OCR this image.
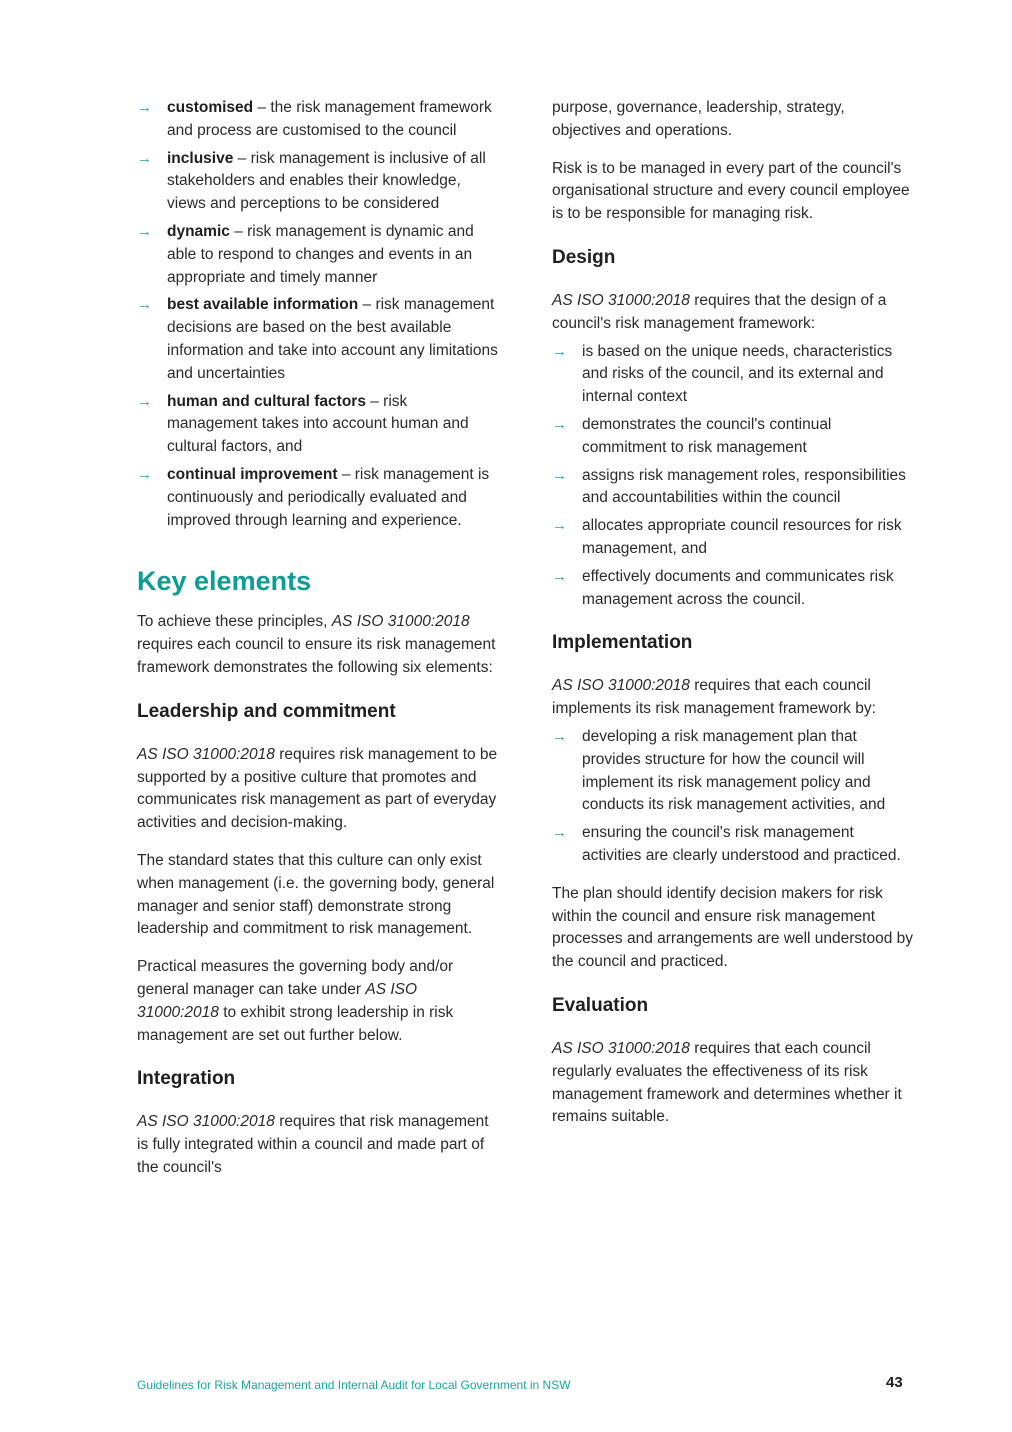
→ customised – the risk management framework and process are customised to the council
→ inclusive – risk management is inclusive of all stakeholders and enables their knowledge, views and perceptions to be considered
→ dynamic – risk management is dynamic and able to respond to changes and events in an appropriate and timely manner
→ best available information – risk management decisions are based on the best available information and take into account any limitations and uncertainties
→ human and cultural factors – risk management takes into account human and cultural factors, and
→ continual improvement – risk management is continuously and periodically evaluated and improved through learning and experience.
Key elements

To achieve these principles, AS ISO 31000:2018 requires each council to ensure its risk management framework demonstrates the following six elements:

Leadership and commitment

AS ISO 31000:2018 requires risk management to be supported by a positive culture that promotes and communicates risk management as part of everyday activities and decision-making.

The standard states that this culture can only exist when management (i.e. the governing body, general manager and senior staff) demonstrate strong leadership and commitment to risk management.

Practical measures the governing body and/or general manager can take under AS ISO 31000:2018 to exhibit strong leadership in risk management are set out further below.

Integration

AS ISO 31000:2018 requires that risk management is fully integrated within a council and made part of the council's

purpose, governance, leadership, strategy, objectives and operations.

Risk is to be managed in every part of the council's organisational structure and every council employee is to be responsible for managing risk.

Design

AS ISO 31000:2018 requires that the design of a council's risk management framework:

→ is based on the unique needs, characteristics and risks of the council, and its external and internal context
→ demonstrates the council's continual commitment to risk management
→ assigns risk management roles, responsibilities and accountabilities within the council
→ allocates appropriate council resources for risk management, and
→ effectively documents and communicates risk management across the council.
Implementation

AS ISO 31000:2018 requires that each council implements its risk management framework by:

→ developing a risk management plan that provides structure for how the council will implement its risk management policy and conducts its risk management activities, and
→ ensuring the council's risk management activities are clearly understood and practiced.

The plan should identify decision makers for risk within the council and ensure risk management processes and arrangements are well understood by the council and practiced.

Evaluation

AS ISO 31000:2018 requires that each council regularly evaluates the effectiveness of its risk management framework and determines whether it remains suitable.

Guidelines for Risk Management and Internal Audit for Local Government in NSW	43
